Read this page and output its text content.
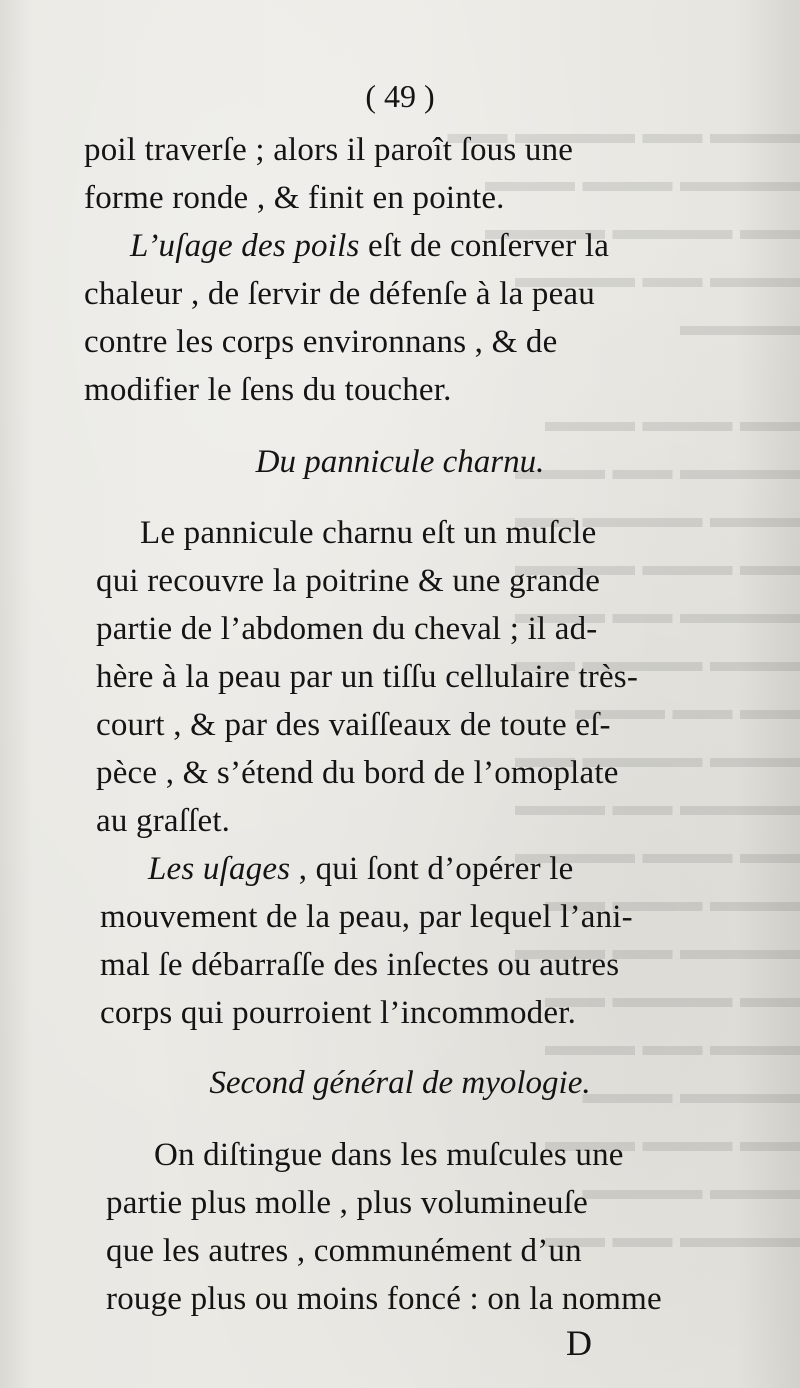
▬▬▬ ▬▬ ▬▬▬▬ ▬▬
▬▬▬▬ ▬▬▬ ▬▬▬
▬▬ ▬▬▬▬ ▬▬▬▬
▬▬▬ ▬▬ ▬▬▬▬
▬▬▬▬

▬▬ ▬▬▬ ▬▬▬
▬▬▬▬ ▬▬ ▬▬▬
▬▬▬ ▬▬▬▬ ▬▬
▬▬ ▬▬▬ ▬▬▬▬
▬▬▬▬ ▬▬ ▬▬▬
▬▬▬ ▬▬▬▬ ▬▬
▬▬ ▬▬ ▬▬▬
▬▬▬ ▬▬▬▬ ▬▬
▬▬▬▬ ▬▬ ▬▬▬
▬▬ ▬▬▬ ▬▬▬▬
▬▬▬ ▬▬▬ ▬▬
▬▬▬▬ ▬▬ ▬▬▬
▬▬ ▬▬▬▬ ▬▬
▬▬▬ ▬▬ ▬▬▬
▬▬▬▬ ▬▬▬
▬▬ ▬▬▬ ▬▬▬
▬▬▬ ▬▬▬▬
▬▬▬▬ ▬▬ ▬▬
( 49 )
poil traverſe ; alors il paroît ſous une
forme ronde , & finit en pointe.
L’uſage des poils eſt de conſerver la
chaleur , de ſervir de défenſe à la peau
contre les corps environnans , & de
modifier le ſens du toucher.
Du pannicule charnu.
Le pannicule charnu eſt un muſcle
qui recouvre la poitrine & une grande
partie de l’abdomen du cheval ; il ad-
hère à la peau par un tiſſu cellulaire très-
court , & par des vaiſſeaux de toute eſ-
pèce , & s’étend du bord de l’omoplate
au graſſet.
Les uſages , qui ſont d’opérer le
mouvement de la peau, par lequel l’ani-
mal ſe débarraſſe des inſectes ou autres
corps qui pourroient l’incommoder.
Second général de myologie.
On diſtingue dans les muſcules une
partie plus molle , plus volumineuſe
que les autres , communément d’un
rouge plus ou moins foncé : on la nomme
D
